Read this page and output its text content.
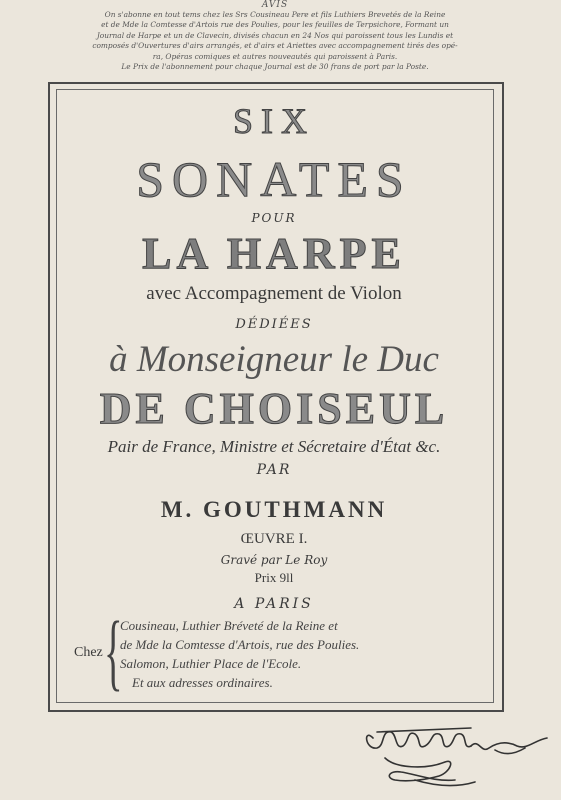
AVIS
On s'abonne en tout tems chez les Srs Cousineau Pere et fils Luthiers Brevetés de la Reine
et de Mde la Comtesse d'Artois rue des Poulies, pour les feuilles de Terpsichore, Formant un
Journal de Harpe et un de Clavecin, divisés chacun en 24 Nos qui paroissent tous les Lundis et
composés d'Ouvertures d'airs arrangés, et d'airs et Ariettes avec accompagnement tirés des opé-
ra, Opéras comiques et autres nouveautés qui paroissent à Paris.
Le Prix de l'abonnement pour chaque Journal est de 30 frans de port par la Poste.
SIX
SONATES
POUR
LA HARPE
avec Accompagnement de Violon
DÉDIÉES
à Monseigneur le Duc
DE CHOISEUL
Pair de France, Ministre et Sécretaire d'État &c.
PAR
M. GOUTHMANN
ŒUVRE I.
Gravé par Le Roy
Prix 9ll
A PARIS
Chez {
Cousineau, Luthier Bréveté de la Reine et
de Mde la Comtesse d'Artois, rue des Poulies.
Salomon, Luthier Place de l'Ecole.
Et aux adresses ordinaires.
